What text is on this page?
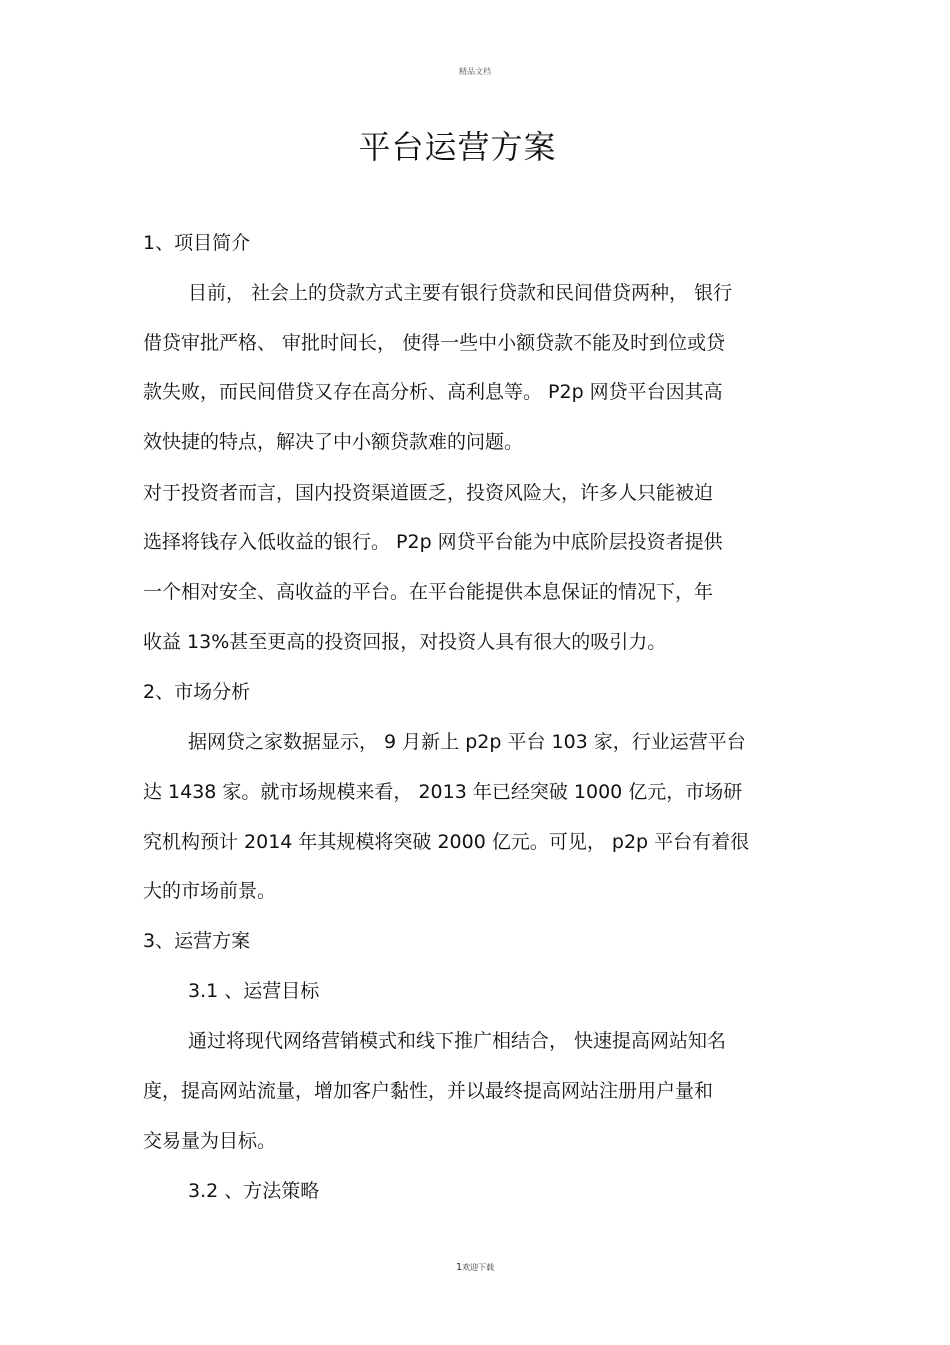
精品文档
平台运营方案
1、项目简介
目前， 社会上的贷款方式主要有银行贷款和民间借贷两种， 银行
借贷审批严格、 审批时间长， 使得一些中小额贷款不能及时到位或贷
款失败，而民间借贷又存在高分析、高利息等。 P2p 网贷平台因其高
效快捷的特点，解决了中小额贷款难的问题。
对于投资者而言，国内投资渠道匮乏，投资风险大，许多人只能被迫
选择将钱存入低收益的银行。 P2p 网贷平台能为中底阶层投资者提供
一个相对安全、高收益的平台。在平台能提供本息保证的情况下，年
收益 13%甚至更高的投资回报，对投资人具有很大的吸引力。
2、市场分析
据网贷之家数据显示， 9 月新上 p2p 平台 103 家，行业运营平台
达 1438 家。就市场规模来看， 2013 年已经突破 1000 亿元，市场研
究机构预计 2014 年其规模将突破 2000 亿元。可见， p2p 平台有着很
大的市场前景。
3、运营方案
3.1 、运营目标
通过将现代网络营销模式和线下推广相结合， 快速提高网站知名
度，提高网站流量，增加客户黏性，并以最终提高网站注册用户量和
交易量为目标。
3.2 、方法策略
1欢迎下载
